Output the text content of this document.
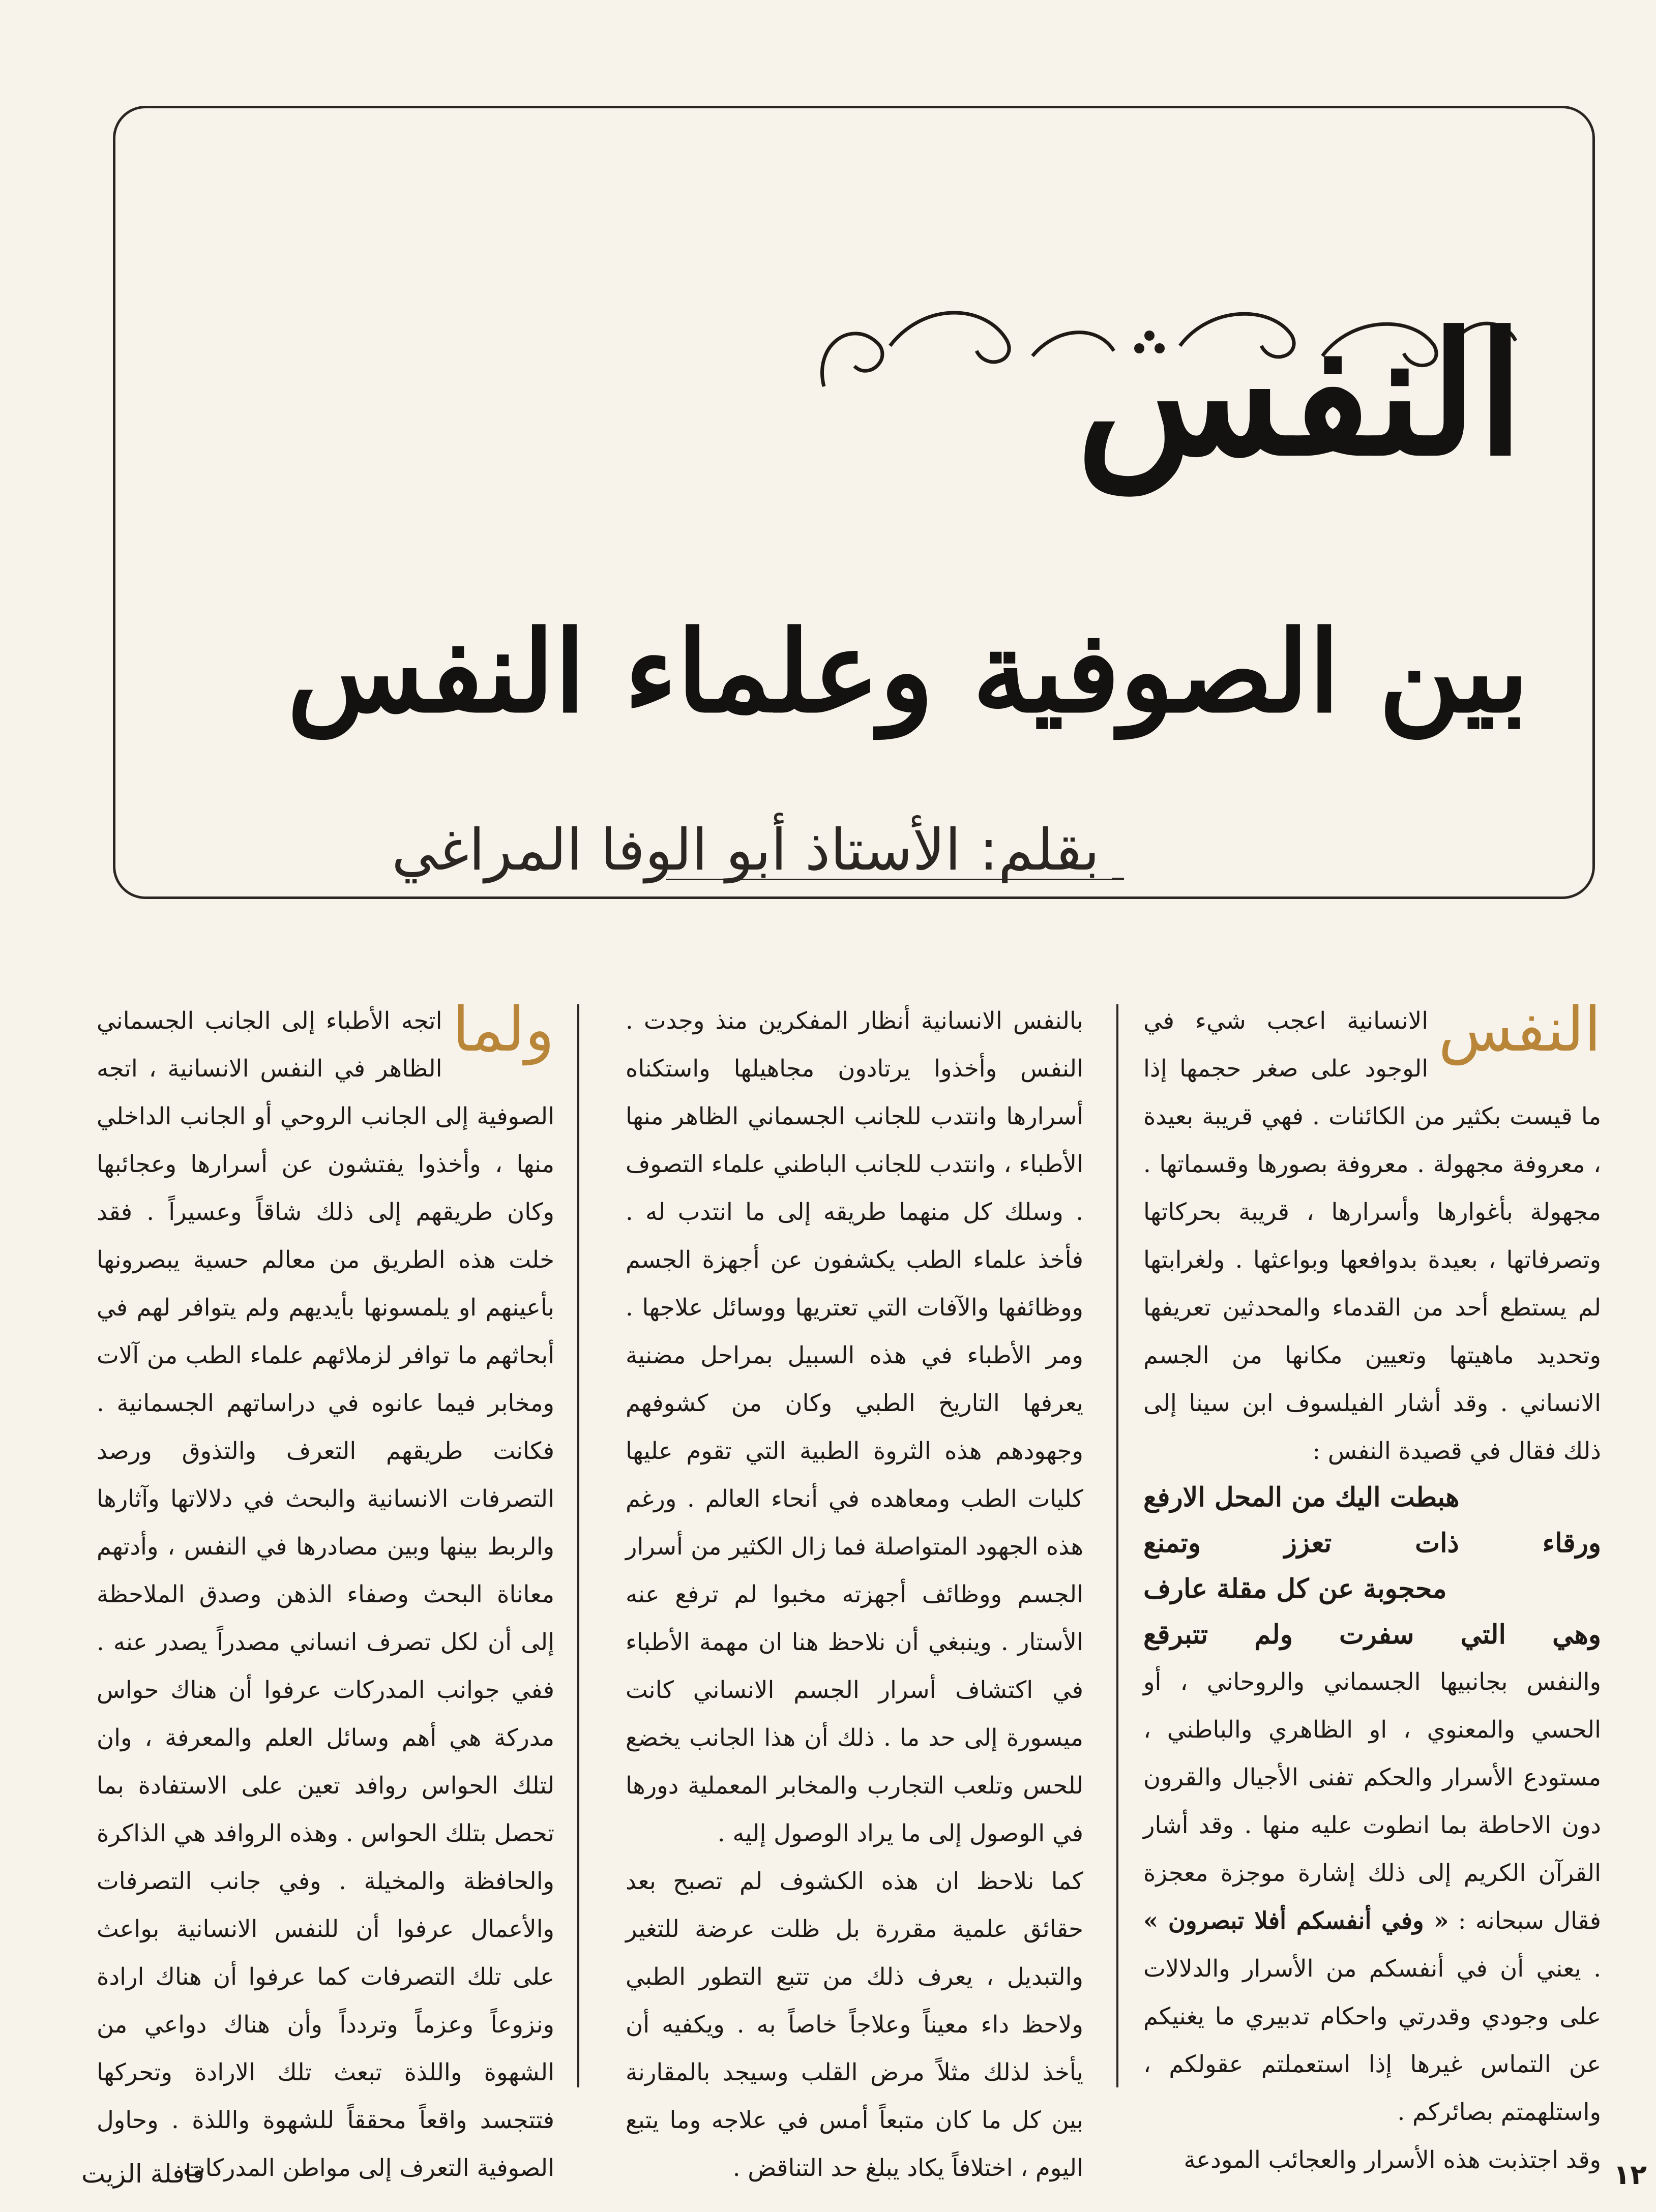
النفس
بين الصوفية وعلماء النفس
بقلم: الأستاذ أبو الوفا المراغي
النفس

الانسانية اعجب شيء في الوجود على صغر حجمها إذا ما قيست بكثير من الكائنات . فهي قريبة بعيدة ، معروفة مجهولة . معروفة بصورها وقسماتها . مجهولة بأغوارها وأسرارها ، قريبة بحركاتها وتصرفاتها ، بعيدة بدوافعها وبواعثها . ولغرابتها لم يستطع أحد من القدماء والمحدثين تعريفها وتحديد ماهيتها وتعيين مكانها من الجسم الانساني . وقد أشار الفيلسوف ابن سينا إلى ذلك فقال في قصيدة النفس :

هبطت اليك من المحل الارفع

ورقاء ذات تعزز وتمنع

محجوبة عن كل مقلة عارف

وهي التي سفرت ولم تتبرقع

والنفس بجانبيها الجسماني والروحاني ، أو الحسي والمعنوي ، او الظاهري والباطني ، مستودع الأسرار والحكم تفنى الأجيال والقرون دون الاحاطة بما انطوت عليه منها . وقد أشار القرآن الكريم إلى ذلك إشارة موجزة معجزة فقال سبحانه : « وفي أنفسكم أفلا تبصرون » . يعني أن في أنفسكم من الأسرار والدلالات على وجودي وقدرتي واحكام تدبيري ما يغنيكم عن التماس غيرها إذا استعملتم عقولكم ، واستلهمتم بصائركم .

وقد اجتذبت هذه الأسرار والعجائب المودعة

بالنفس الانسانية أنظار المفكرين منذ وجدت . النفس وأخذوا يرتادون مجاهيلها واستكناه أسرارها وانتدب للجانب الجسماني الظاهر منها الأطباء ، وانتدب للجانب الباطني علماء التصوف . وسلك كل منهما طريقه إلى ما انتدب له . فأخذ علماء الطب يكشفون عن أجهزة الجسم ووظائفها والآفات التي تعتريها ووسائل علاجها . ومر الأطباء في هذه السبيل بمراحل مضنية يعرفها التاريخ الطبي وكان من كشوفهم وجهودهم هذه الثروة الطبية التي تقوم عليها كليات الطب ومعاهده في أنحاء العالم . ورغم هذه الجهود المتواصلة فما زال الكثير من أسرار الجسم ووظائف أجهزته مخبوا لم ترفع عنه الأستار . وينبغي أن نلاحظ هنا ان مهمة الأطباء في اكتشاف أسرار الجسم الانساني كانت ميسورة إلى حد ما . ذلك أن هذا الجانب يخضع للحس وتلعب التجارب والمخابر المعملية دورها في الوصول إلى ما يراد الوصول إليه .

كما نلاحظ ان هذه الكشوف لم تصبح بعد حقائق علمية مقررة بل ظلت عرضة للتغير والتبديل ، يعرف ذلك من تتبع التطور الطبي ولاحظ داء معيناً وعلاجاً خاصاً به . ويكفيه أن يأخذ لذلك مثلاً مرض القلب وسيجد بالمقارنة بين كل ما كان متبعاً أمس في علاجه وما يتبع اليوم ، اختلافاً يكاد يبلغ حد التناقض .

ولما

اتجه الأطباء إلى الجانب الجسماني الظاهر في النفس الانسانية ، اتجه الصوفية إلى الجانب الروحي أو الجانب الداخلي منها ، وأخذوا يفتشون عن أسرارها وعجائبها وكان طريقهم إلى ذلك شاقاً وعسيراً . فقد خلت هذه الطريق من معالم حسية يبصرونها بأعينهم او يلمسونها بأيديهم ولم يتوافر لهم في أبحاثهم ما توافر لزملائهم علماء الطب من آلات ومخابر فيما عانوه في دراساتهم الجسمانية . فكانت طريقهم التعرف والتذوق ورصد التصرفات الانسانية والبحث في دلالاتها وآثارها والربط بينها وبين مصادرها في النفس ، وأدتهم معاناة البحث وصفاء الذهن وصدق الملاحظة إلى أن لكل تصرف انساني مصدراً يصدر عنه . ففي جوانب المدركات عرفوا أن هناك حواس مدركة هي أهم وسائل العلم والمعرفة ، وان لتلك الحواس روافد تعين على الاستفادة بما تحصل بتلك الحواس . وهذه الروافد هي الذاكرة والحافظة والمخيلة . وفي جانب التصرفات والأعمال عرفوا أن للنفس الانسانية بواعث على تلك التصرفات كما عرفوا أن هناك ارادة ونزوعاً وعزماً وتردداً وأن هناك دواعي من الشهوة واللذة تبعث تلك الارادة وتحركها فتتجسد واقعاً محققاً للشهوة واللذة . وحاول الصوفية التعرف إلى مواطن المدركات	١٢
قافلة الزيت
